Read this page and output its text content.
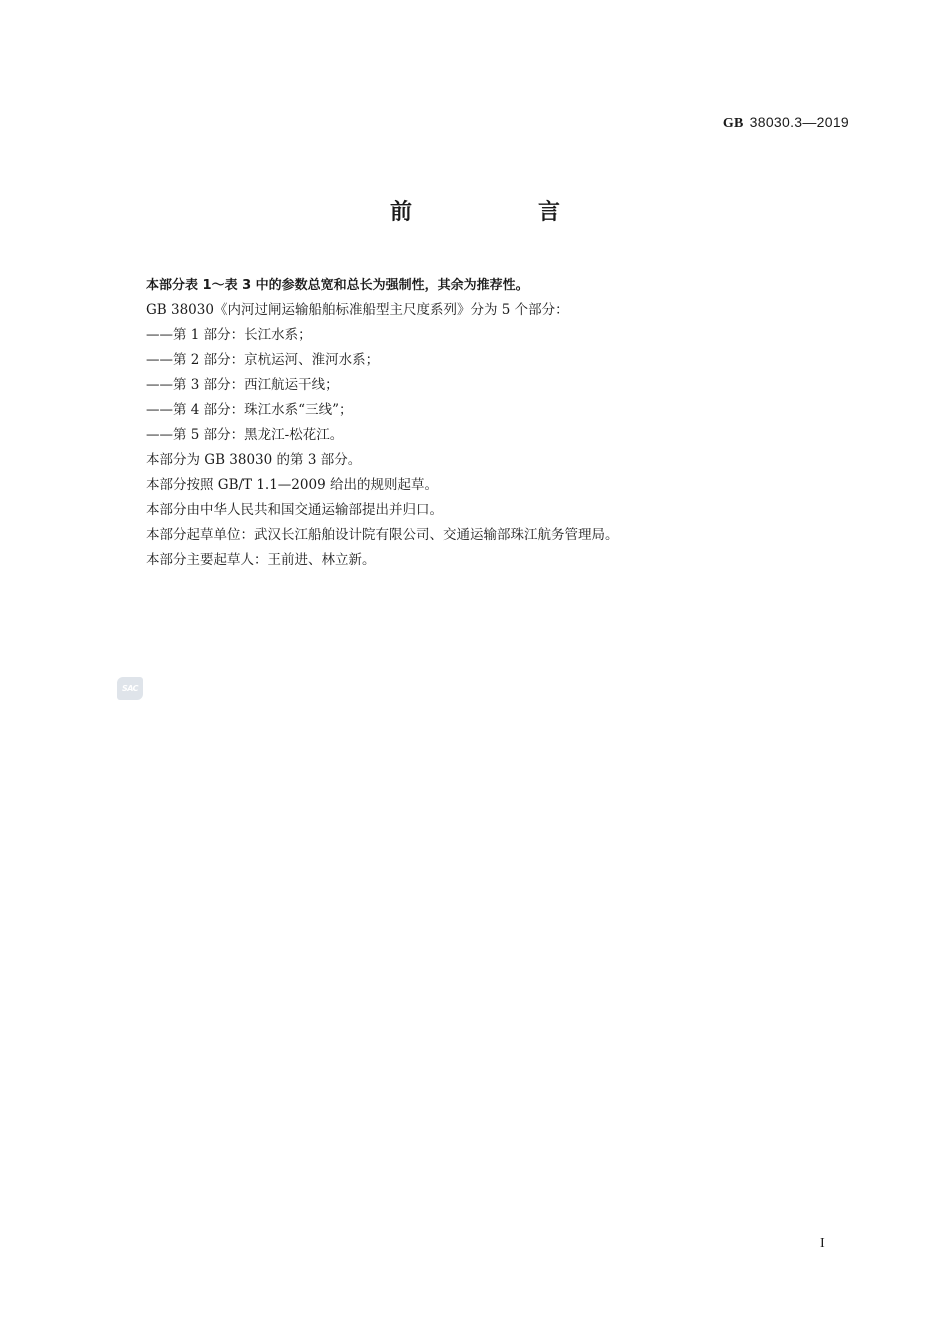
GB 38030.3—2019
前　言

本部分表 1～表 3 中的参数总宽和总长为强制性，其余为推荐性。

GB 38030《内河过闸运输船舶标准船型主尺度系列》分为 5 个部分：

——第 1 部分：长江水系；

——第 2 部分：京杭运河、淮河水系；

——第 3 部分：西江航运干线；

——第 4 部分：珠江水系“三线”；

——第 5 部分：黑龙江-松花江。

本部分为 GB 38030 的第 3 部分。

本部分按照 GB/T 1.1—2009 给出的规则起草。

本部分由中华人民共和国交通运输部提出并归口。

本部分起草单位：武汉长江船舶设计院有限公司、交通运输部珠江航务管理局。

本部分主要起草人：王前进、林立新。

SAC
I
